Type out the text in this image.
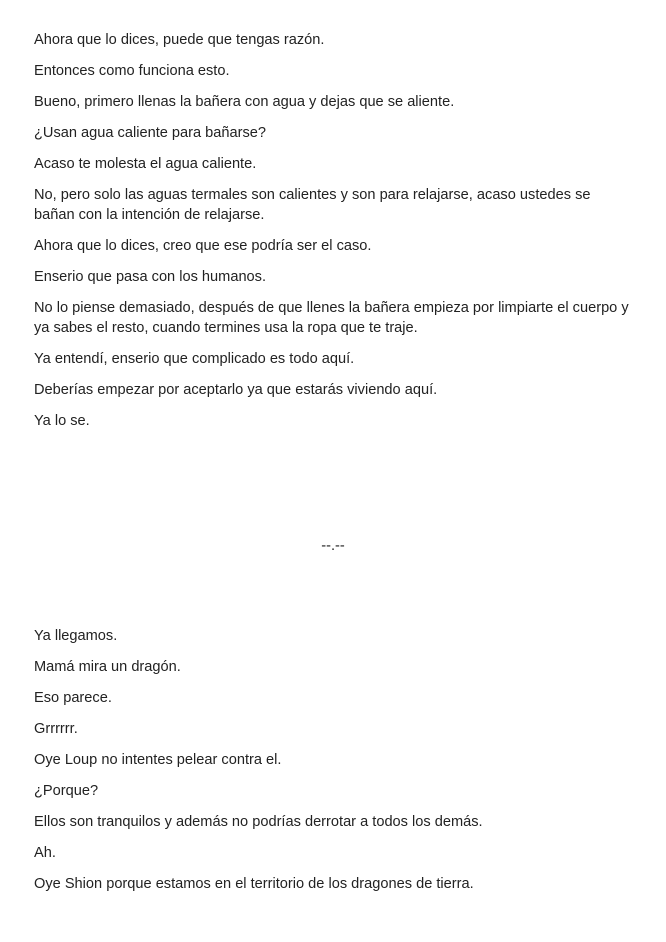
Ahora que lo dices, puede que tengas razón.

Entonces como funciona esto.

Bueno, primero llenas la bañera con agua y dejas que se aliente.

¿Usan agua caliente para bañarse?

Acaso te molesta el agua caliente.

No, pero solo las aguas termales son calientes y son para relajarse, acaso ustedes se bañan con la intención de relajarse.

Ahora que lo dices, creo que ese podría ser el caso.

Enserio que pasa con los humanos.

No lo piense demasiado, después de que llenes la bañera empieza por limpiarte el cuerpo y ya sabes el resto, cuando termines usa la ropa que te traje.

Ya entendí, enserio que complicado es todo aquí.

Deberías empezar por aceptarlo ya que estarás viviendo aquí.

Ya lo se.

--.--

Ya llegamos.

Mamá mira un dragón.

Eso parece.

Grrrrrr.

Oye Loup no intentes pelear contra el.

¿Porque?

Ellos son tranquilos y además no podrías derrotar a todos los demás.

Ah.

Oye Shion porque estamos en el territorio de los dragones de tierra.
